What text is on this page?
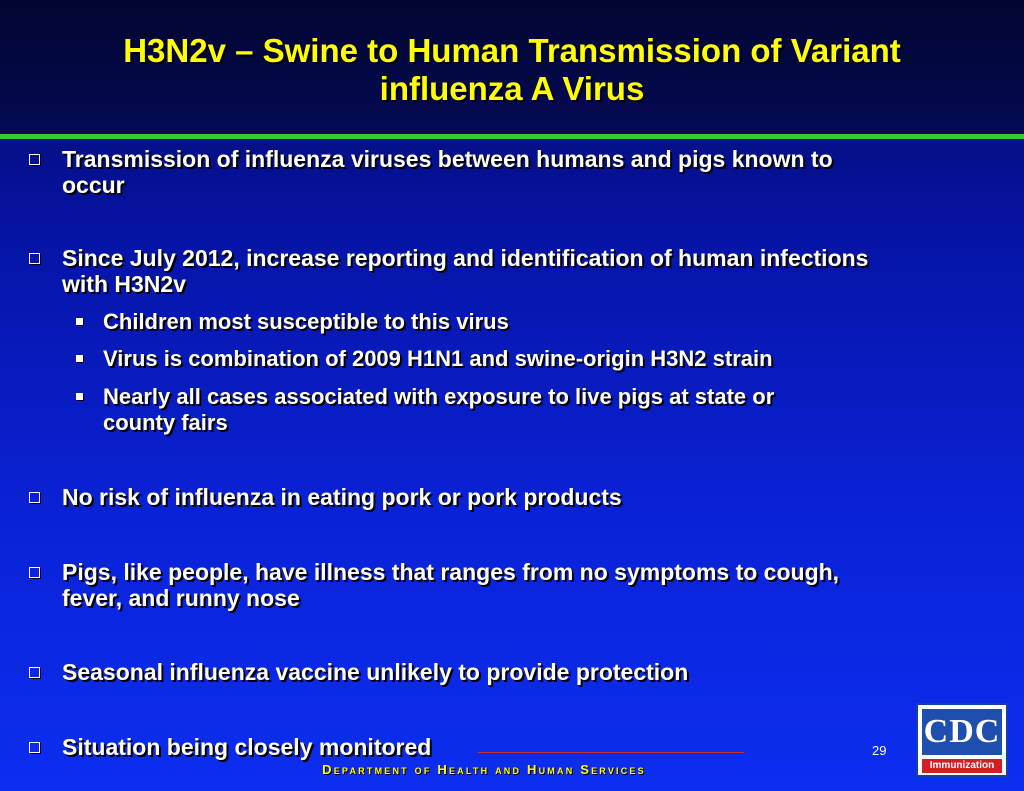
H3N2v – Swine to Human Transmission of Variant
influenza A Virus
Transmission of influenza viruses between humans and pigs known to
occur
Since July 2012, increase reporting and identification of human infections
with H3N2v
Children most susceptible to this virus
Virus is combination of 2009 H1N1 and swine-origin H3N2 strain
Nearly all cases associated with exposure to live pigs at state or
county fairs
No risk of influenza in eating pork or pork products
Pigs, like people, have illness that ranges from no symptoms to cough,
fever, and runny nose
Seasonal influenza vaccine unlikely to provide protection
Situation being closely monitored	29
Department of Health and Human Services
CDC
Immunization
